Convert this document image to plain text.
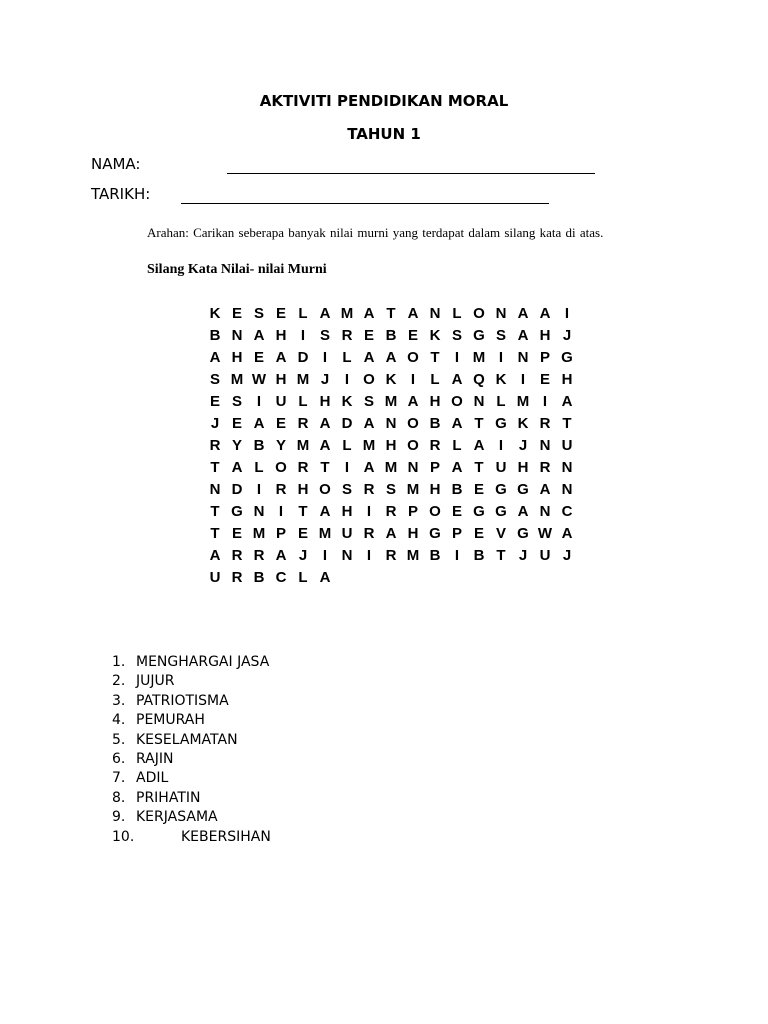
AKTIVITI PENDIDIKAN MORAL
TAHUN 1
NAMA:
TARIKH:
Arahan: Carikan seberapa banyak nilai murni yang terdapat dalam silang kata di atas.
Silang Kata Nilai- nilai Murni
K E S E L A M A T A N L O N A A I
B N A H I S R E B E K S G S A H J
A H E A D I	L A A O T	I M I N P G
S M W H M J	I O K I	L A Q K I E H
E S I U L H K S M A H O N L M I A
J E A E R A D A N O B A T G K R T
R Y B Y M A L M H O R L A I	J N U
T A L O R T	I A M N P A T U H R N
N D I R H O S R S M H B E G G A N
T G N I	T A H I R P O E G G A N C
T E M P E M U R A H G P E V G W A
A R R A J	I N I R M B I B T J U J
U R B C L A
1. MENGHARGAI JASA
2. JUJUR
3. PATRIOTISMA
4. PEMURAH
5. KESELAMATAN
6. RAJIN
7. ADIL
8. PRIHATIN
9. KERJASAMA
10.	KEBERSIHAN
